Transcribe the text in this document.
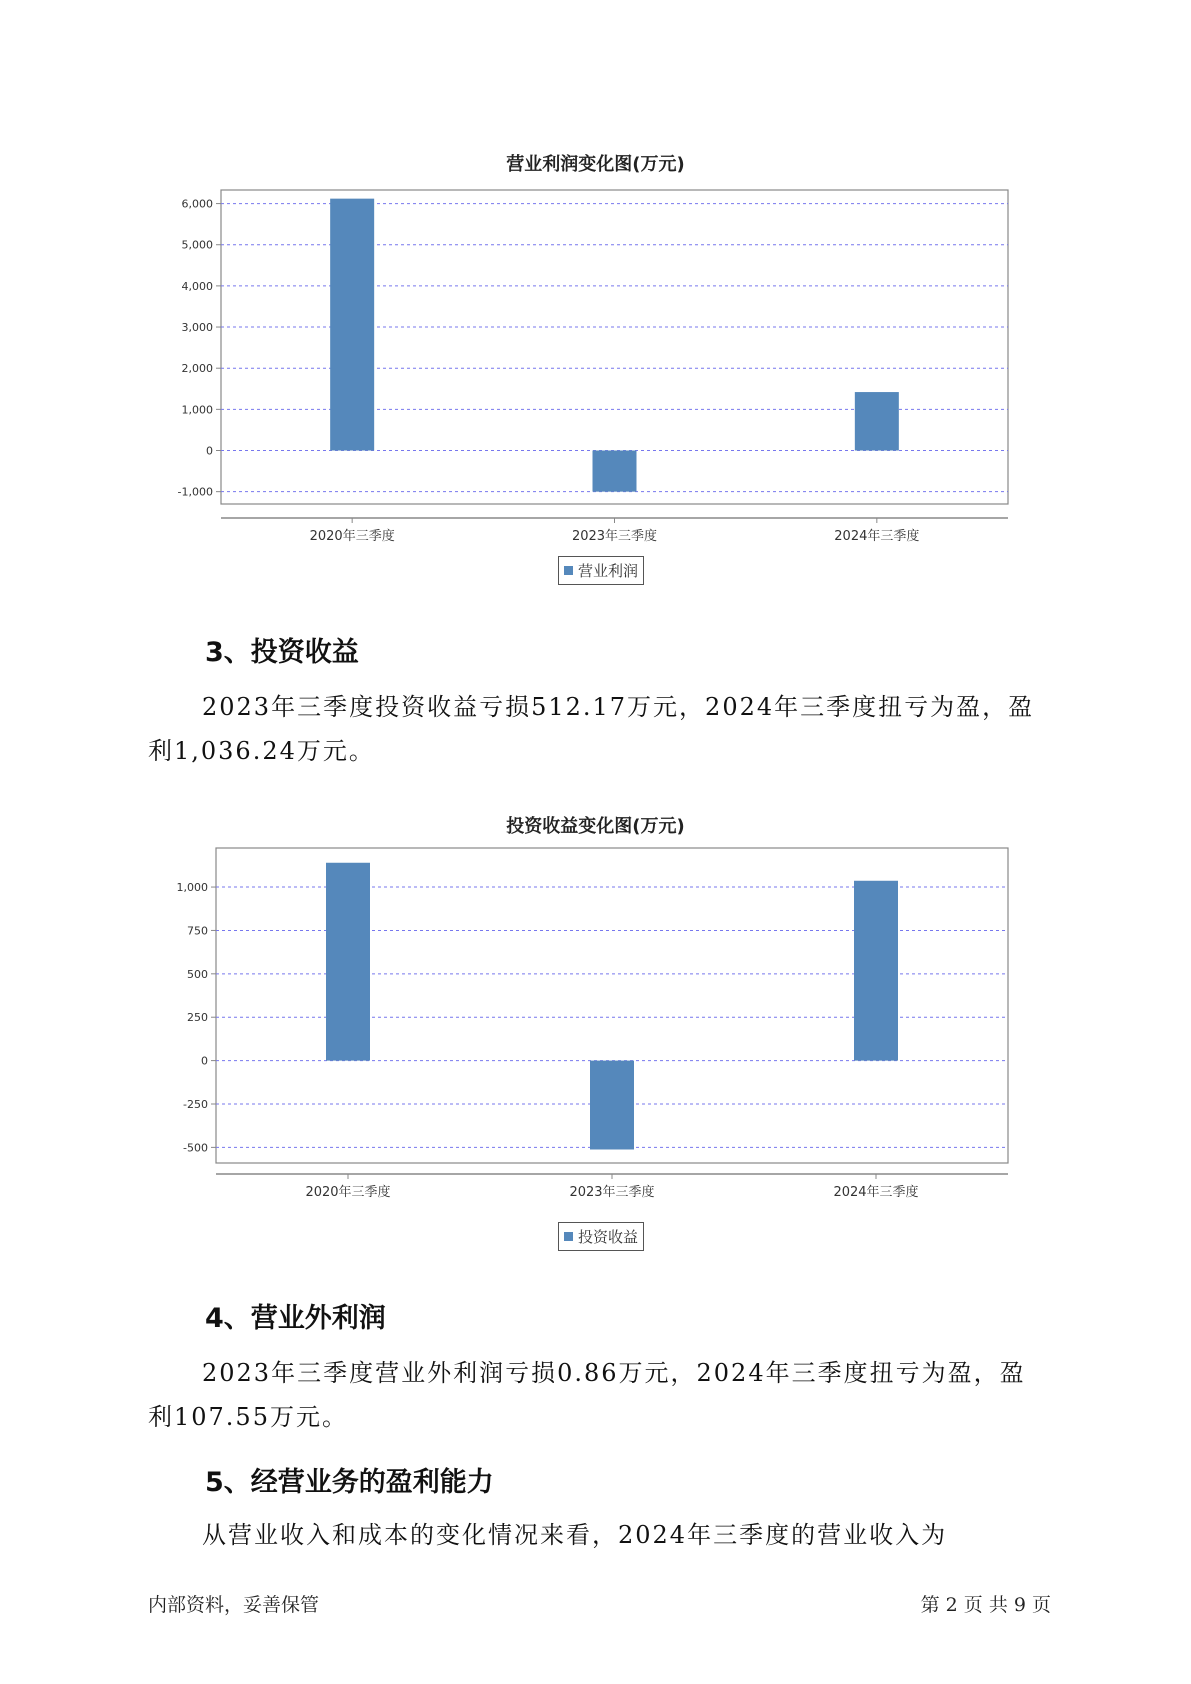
营业利润变化图(万元)
-1,000
0
1,000
2,000
3,000
4,000
5,000
6,000
2020年三季度	2023年三季度	2024年三季度
营业利润
3、投资收益

2023年三季度投资收益亏损512.17万元，2024年三季度扭亏为盈，盈利1,036.24万元。

投资收益变化图(万元)
-500
-250
0
250
500
750
1,000
2020年三季度	2023年三季度	2024年三季度
投资收益
4、营业外利润

2023年三季度营业外利润亏损0.86万元，2024年三季度扭亏为盈，盈利107.55万元。

5、经营业务的盈利能力

从营业收入和成本的变化情况来看，2024年三季度的营业收入为

内部资料，妥善保管	第 2 页 共 9 页
